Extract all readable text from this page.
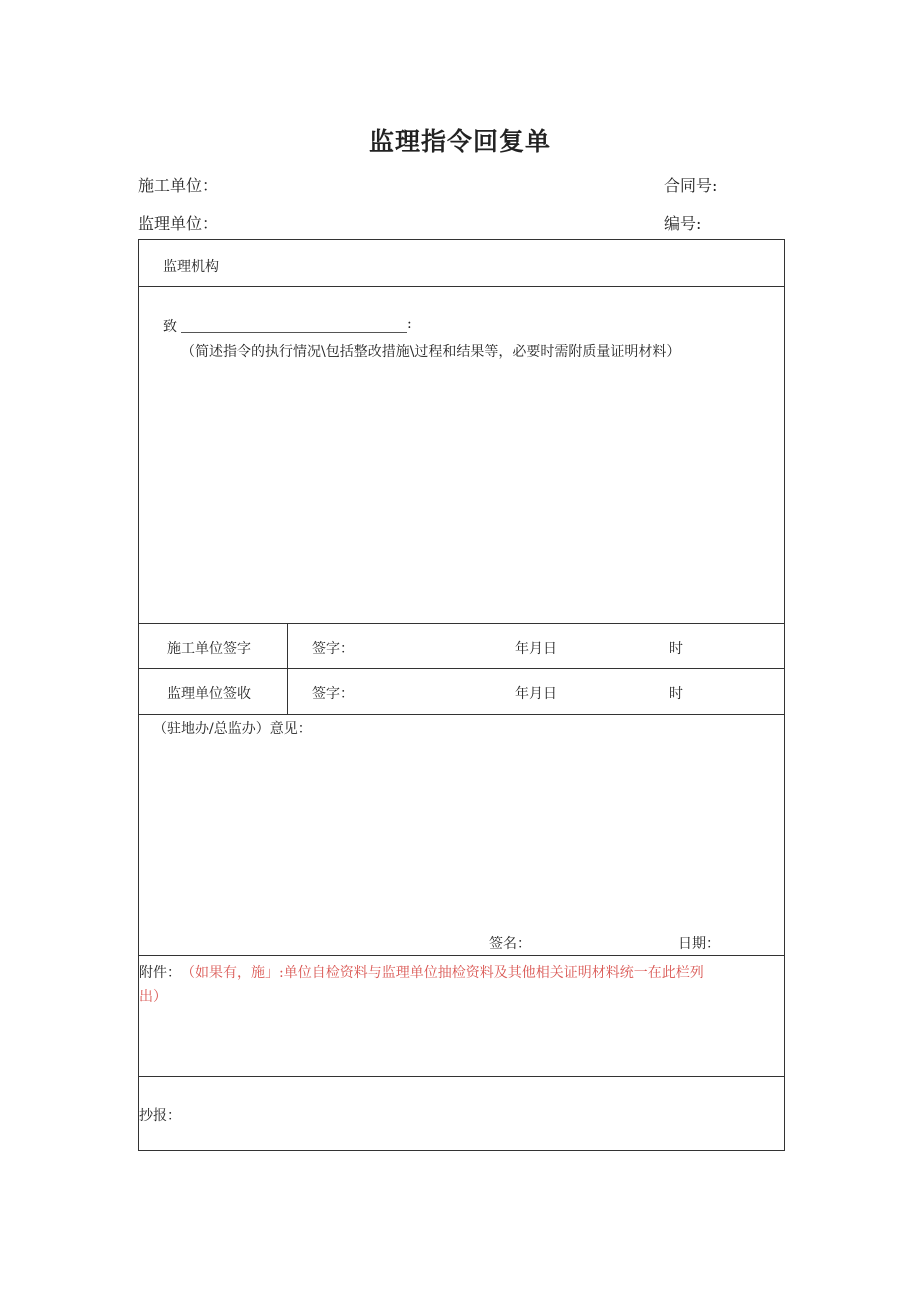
监理指令回复单
施工单位：	合同号:
监理单位：	编号:
监理机构
致	:
（简述指令的执行情况\包括整改措施\过程和结果等，必要时需附质量证明材料）
施工单位签字	签字：	年月日	时
监理单位签收	签字：	年月日	时
（驻地办/总监办）意见：
签名：	日期：
附件： （如果有，施」:单位自检资料与监理单位抽检资料及其他相关证明材料统一在此栏列
出）
抄报：
